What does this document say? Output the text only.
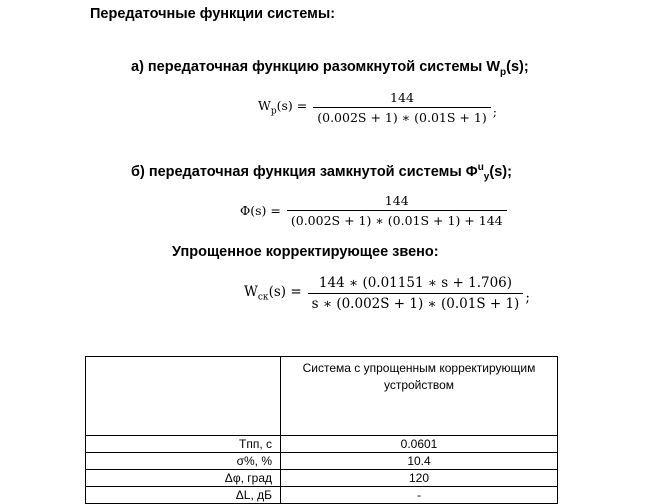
Передаточные функции системы:
а) передаточная функцию разомкнутой системы $W_p(s)$;
$W_p(s) = \frac{144}{(0.002S + 1) ∗ (0.01S + 1)}$ ;
б) передаточная функция замкнутой системы $\Phi^u_y(s)$;
$\Phi(s) = \frac{144}{(0.002S + 1) ∗ (0.01S + 1) + 144}$
Упрощенное корректирующее звено:
$W_{ск}(s) = \frac{144 ∗ (0.01151 ∗ s + 1.706)}{s ∗ (0.002S + 1) ∗ (0.01S + 1)}$ ;
	Система с упрощенным корректирующим устройством
Tпп, с	0.0601
σ%, %	10.4
Δφ, град	120
ΔL, дБ	-
